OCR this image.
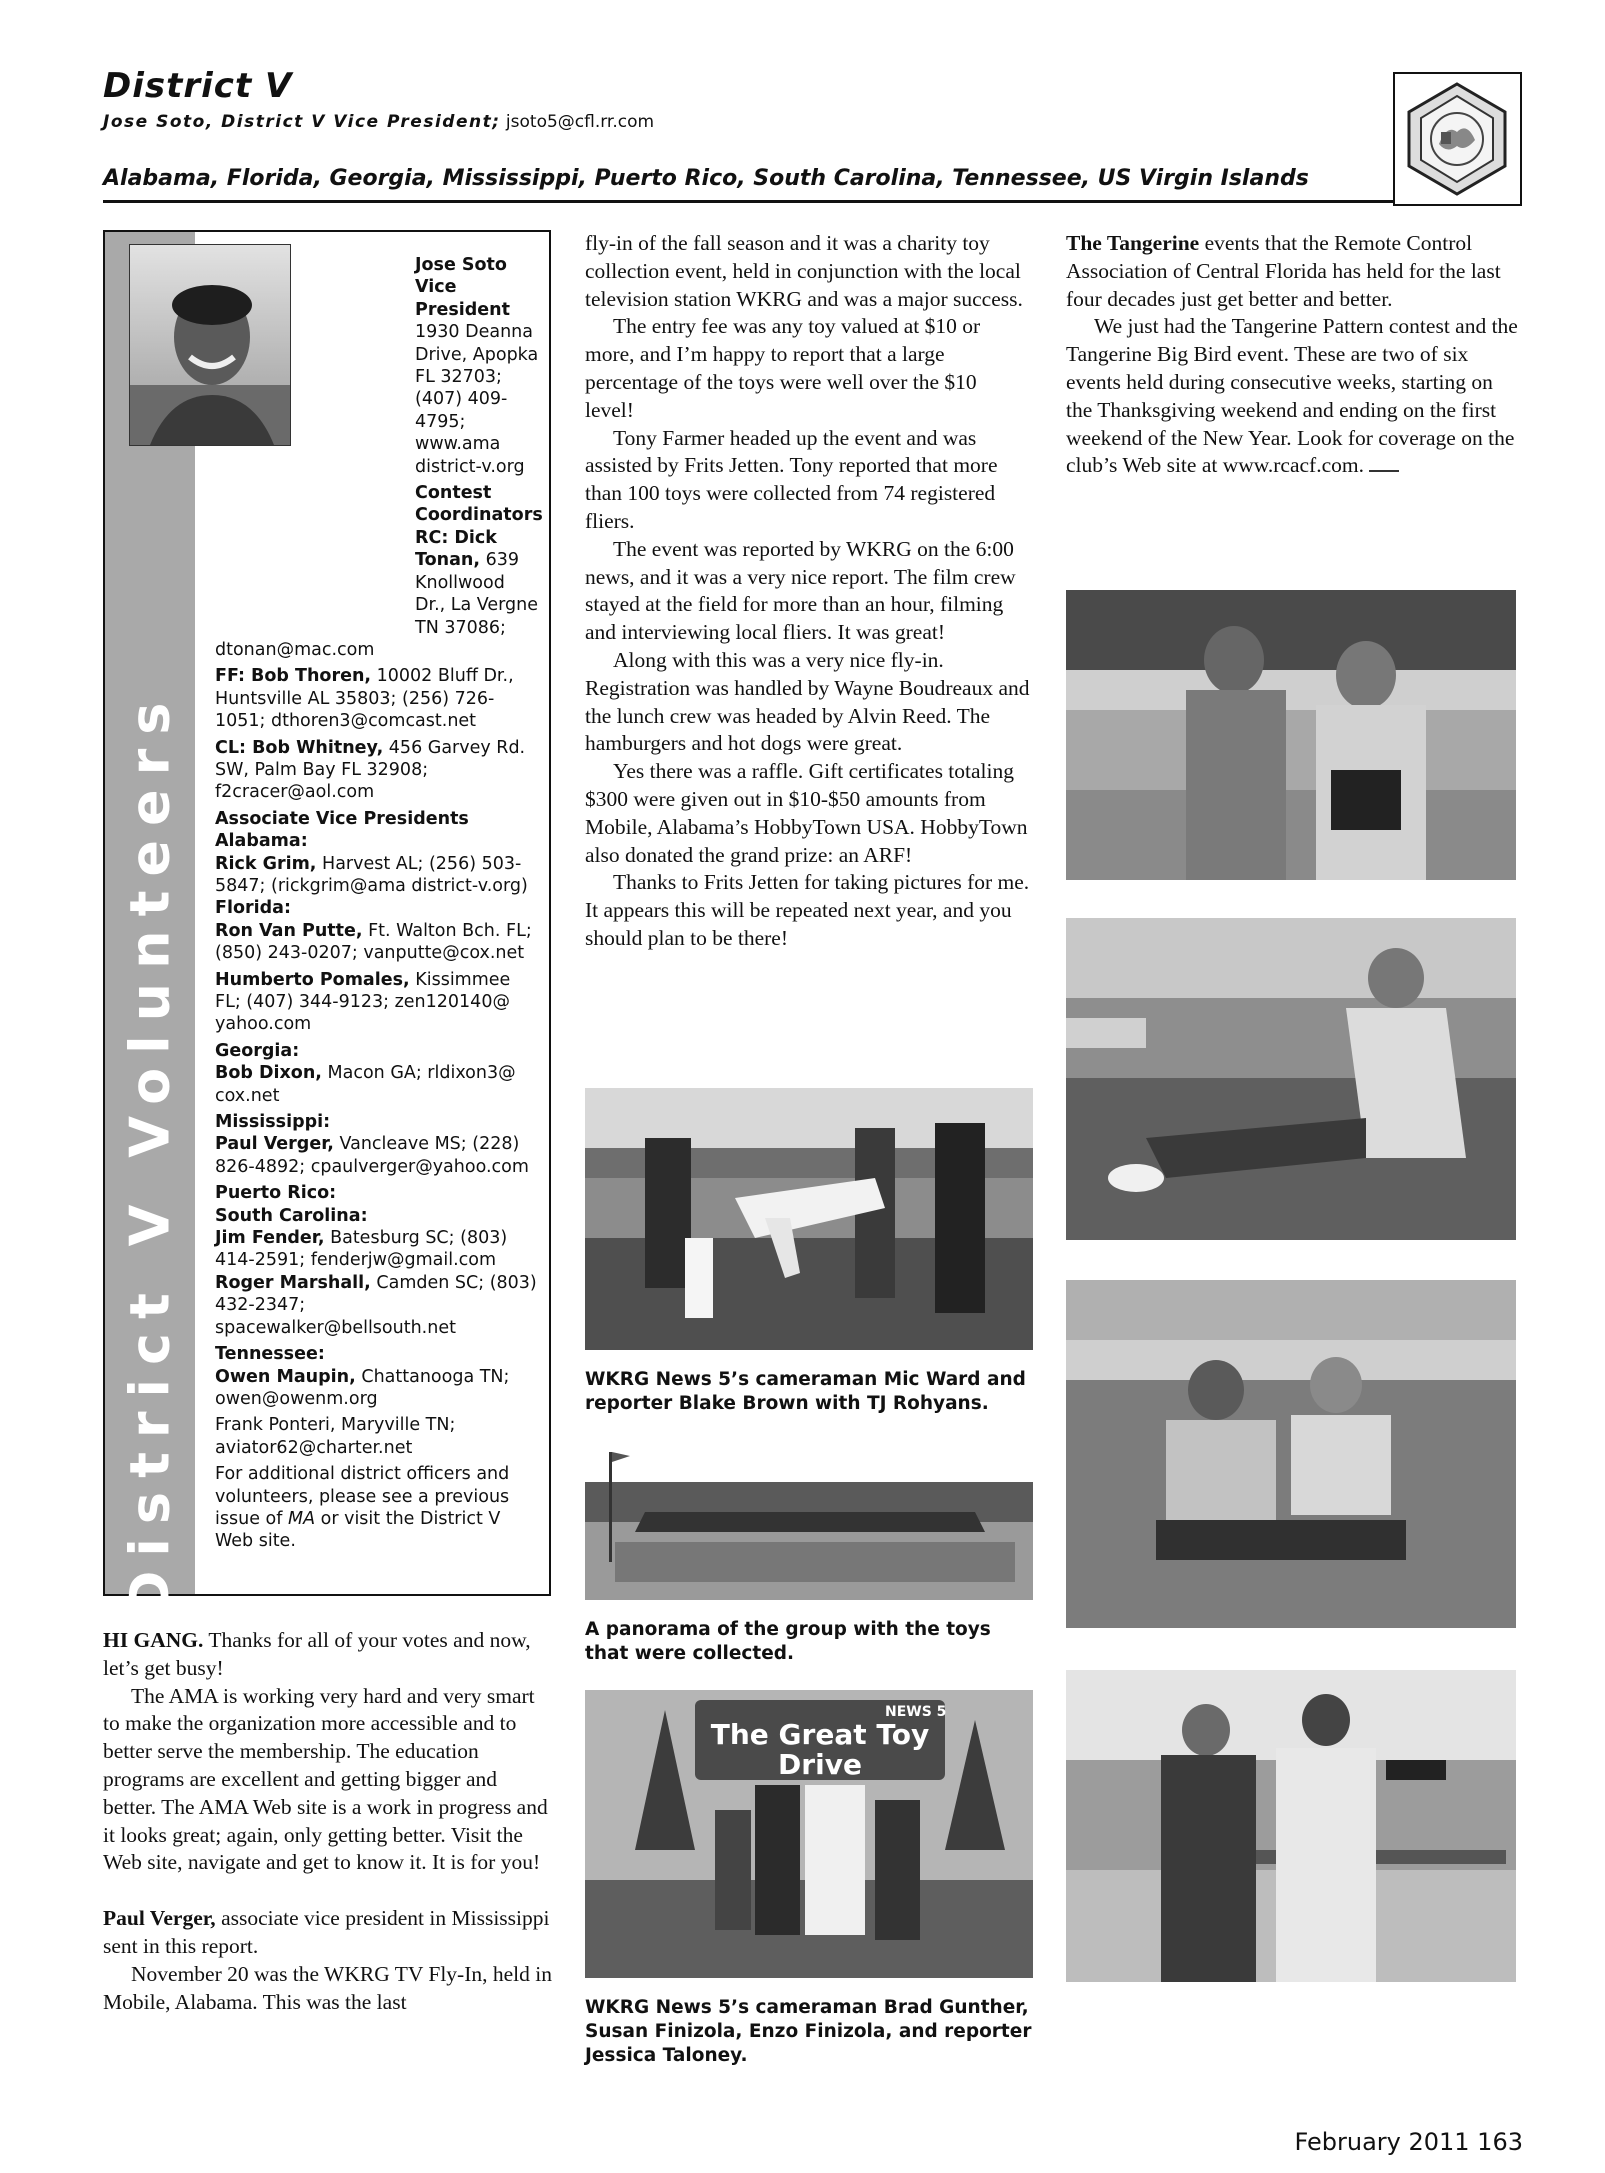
District V
Jose Soto, District V Vice President; jsoto5@cfl.rr.com
Alabama, Florida, Georgia, Mississippi, Puerto Rico, South Carolina, Tennessee, US Virgin Islands
District V Volunteers

Jose Soto

Vice President

1930 Deanna Drive, Apopka FL 32703; (407) 409-4795; www.ama district-v.org

Contest Coordinators

RC: Dick Tonan, 639 Knollwood Dr., La Vergne TN 37086;

dtonan@mac.com

FF: Bob Thoren, 10002 Bluff Dr., Huntsville AL 35803; (256) 726-1051; dthoren3@comcast.net

CL: Bob Whitney, 456 Garvey Rd. SW, Palm Bay FL 32908; f2cracer@aol.com

Associate Vice Presidents

Alabama:

Rick Grim, Harvest AL; (256) 503-5847; (rickgrim@ama district-v.org)

Florida:

Ron Van Putte, Ft. Walton Bch. FL; (850) 243-0207; vanputte@cox.net

Humberto Pomales, Kissimmee FL; (407) 344-9123; zen120140@ yahoo.com

Georgia:

Bob Dixon, Macon GA; rldixon3@ cox.net

Mississippi:

Paul Verger, Vancleave MS; (228) 826-4892; cpaulverger@yahoo.com

Puerto Rico:

South Carolina:

Jim Fender, Batesburg SC; (803) 414-2591; fenderjw@gmail.com

Roger Marshall, Camden SC; (803) 432-2347; spacewalker@bellsouth.net

Tennessee:

Owen Maupin, Chattanooga TN; owen@owenm.org

Frank Ponteri, Maryville TN; aviator62@charter.net

For additional district officers and volunteers, please see a previous issue of MA or visit the District V Web site.

HI GANG. Thanks for all of your votes and now, let’s get busy!

The AMA is working very hard and very smart to make the organization more accessible and to better serve the membership. The education programs are excellent and getting bigger and better. The AMA Web site is a work in progress and it looks great; again, only getting better. Visit the Web site, navigate and get to know it. It is for you!

Paul Verger, associate vice president in Mississippi sent in this report.

November 20 was the WKRG TV Fly-In, held in Mobile, Alabama. This was the last

fly-in of the fall season and it was a charity toy collection event, held in conjunction with the local television station WKRG and was a major success.

The entry fee was any toy valued at $10 or more, and I’m happy to report that a large percentage of the toys were well over the $10 level!

Tony Farmer headed up the event and was assisted by Frits Jetten. Tony reported that more than 100 toys were collected from 74 registered fliers.

The event was reported by WKRG on the 6:00 news, and it was a very nice report. The film crew stayed at the field for more than an hour, filming and interviewing local fliers. It was great!

Along with this was a very nice fly-in. Registration was handled by Wayne Boudreaux and the lunch crew was headed by Alvin Reed. The hamburgers and hot dogs were great.

Yes there was a raffle. Gift certificates totaling $300 were given out in $10-$50 amounts from Mobile, Alabama’s HobbyTown USA. HobbyTown also donated the grand prize: an ARF!

Thanks to Frits Jetten for taking pictures for me. It appears this will be repeated next year, and you should plan to be there!

WKRG News 5’s cameraman Mic Ward and reporter Blake Brown with TJ Rohyans.
A panorama of the group with the toys that were collected.
The Great Toy Drive
NEWS 5
WKRG News 5’s cameraman Brad Gunther, Susan Finizola, Enzo Finizola, and reporter Jessica Taloney.

The Tangerine events that the Remote Control Association of Central Florida has held for the last four decades just get better and better.

We just had the Tangerine Pattern contest and the Tangerine Big Bird event. These are two of six events held during consecutive weeks, starting on the Thanksgiving weekend and ending on the first weekend of the New Year. Look for coverage on the club’s Web site at www.rcacf.com.

February 2011 163
